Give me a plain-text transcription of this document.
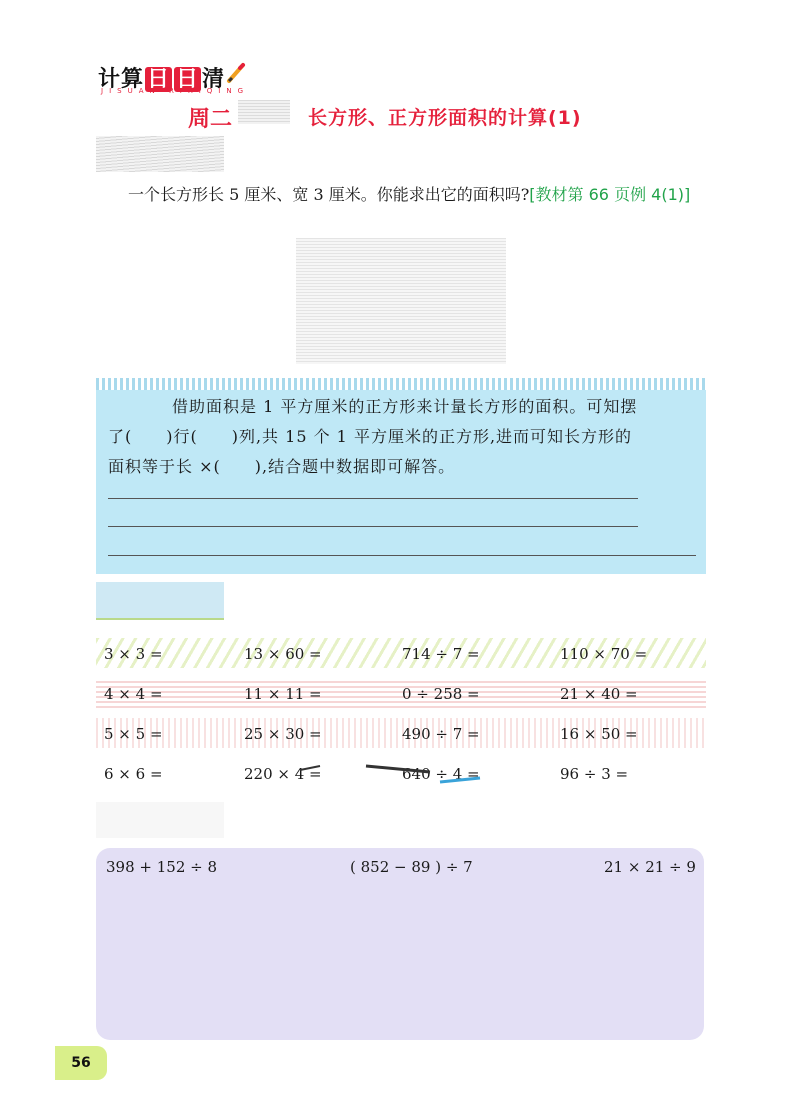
计算 日 日 清
JISUAN RIRIQING
周二	长方形、正方形面积的计算(1)
一个长方形长 5 厘米、宽 3 厘米。你能求出它的面积吗?[教材第 66 页例 4(1)]
借助面积是 1 平方厘米的正方形来计量长方形的面积。可知摆
了(　　)行(　　)列,共 15 个 1 平方厘米的正方形,进而可知长方形的
面积等于长 ×(　　),结合题中数据即可解答。
3 × 3 =	13 × 60 =	714 ÷ 7 =	110 × 70 =
4 × 4 =	11 × 11 =	0 ÷ 258 =	21 × 40 =
5 × 5 =	25 × 30 =	490 ÷ 7 =	16 × 50 =
6 × 6 =	220 × 4 =	640 ÷ 4 =	96 ÷ 3 =
398 + 152 ÷ 8	( 852 − 89 ) ÷ 7	21 × 21 ÷ 9
56
